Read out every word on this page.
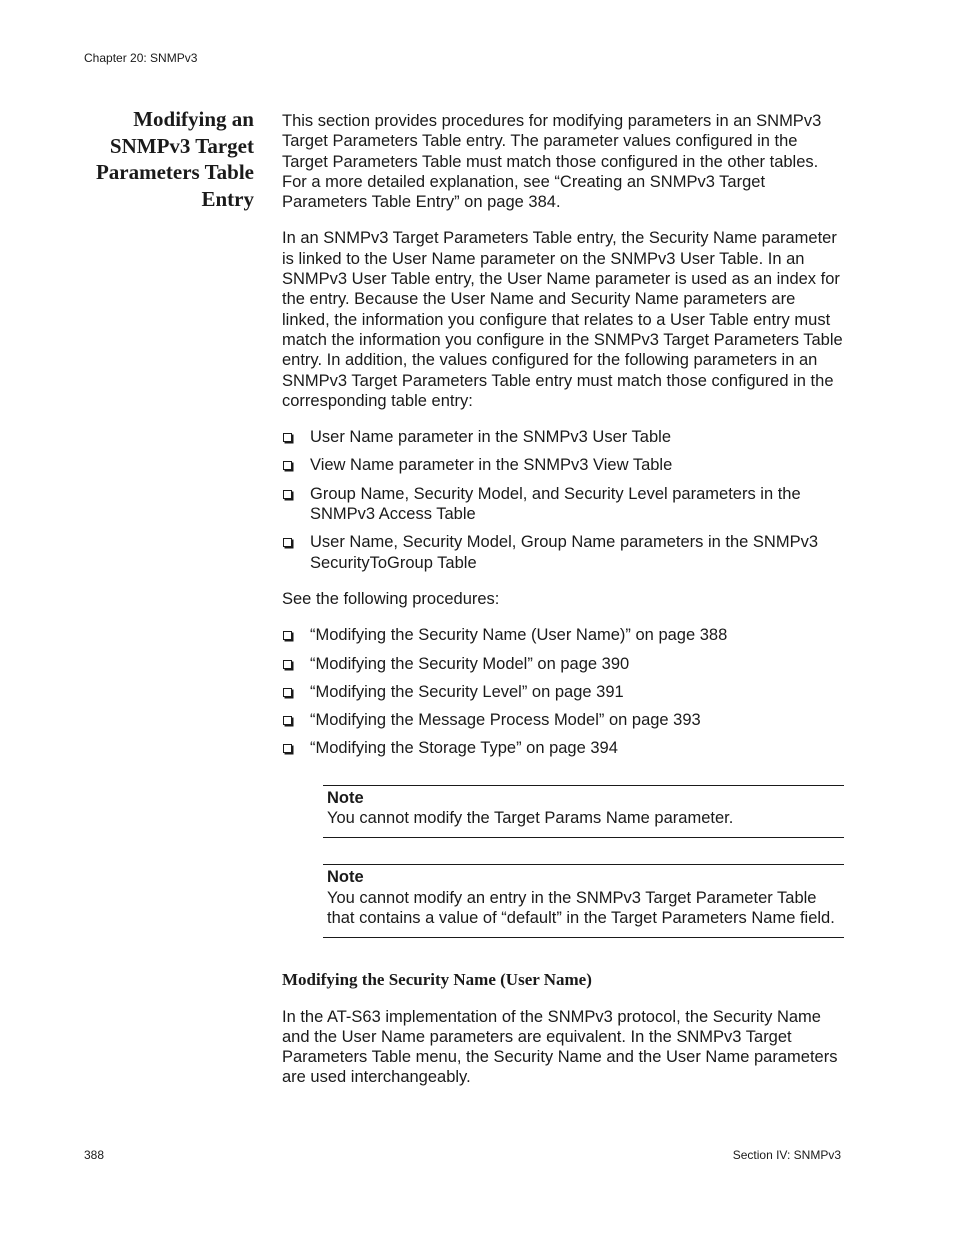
Chapter 20: SNMPv3
Modifying an
SNMPv3 Target
Parameters Table
Entry

This section provides procedures for modifying parameters in an SNMPv3 Target Parameters Table entry. The parameter values configured in the Target Parameters Table must match those configured in the other tables. For a more detailed explanation, see “Creating an SNMPv3 Target Parameters Table Entry” on page 384.

In an SNMPv3 Target Parameters Table entry, the Security Name parameter is linked to the User Name parameter on the SNMPv3 User Table. In an SNMPv3 User Table entry, the User Name parameter is used as an index for the entry. Because the User Name and Security Name parameters are linked, the information you configure that relates to a User Table entry must match the information you configure in the SNMPv3 Target Parameters Table entry. In addition, the values configured for the following parameters in an SNMPv3 Target Parameters Table entry must match those configured in the corresponding table entry:

User Name parameter in the SNMPv3 User Table
View Name parameter in the SNMPv3 View Table
Group Name, Security Model, and Security Level parameters in the SNMPv3 Access Table
User Name, Security Model, Group Name parameters in the SNMPv3 SecurityToGroup Table

See the following procedures:

“Modifying the Security Name (User Name)” on page 388
“Modifying the Security Model” on page 390
“Modifying the Security Level” on page 391
“Modifying the Message Process Model” on page 393
“Modifying the Storage Type” on page 394
Note
You cannot modify the Target Params Name parameter.
Note
You cannot modify an entry in the SNMPv3 Target Parameter Table that contains a value of “default” in the Target Parameters Name field.
Modifying the Security Name (User Name)

In the AT-S63 implementation of the SNMPv3 protocol, the Security Name and the User Name parameters are equivalent. In the SNMPv3 Target Parameters Table menu, the Security Name and the User Name parameters are used interchangeably.

388	Section IV: SNMPv3
